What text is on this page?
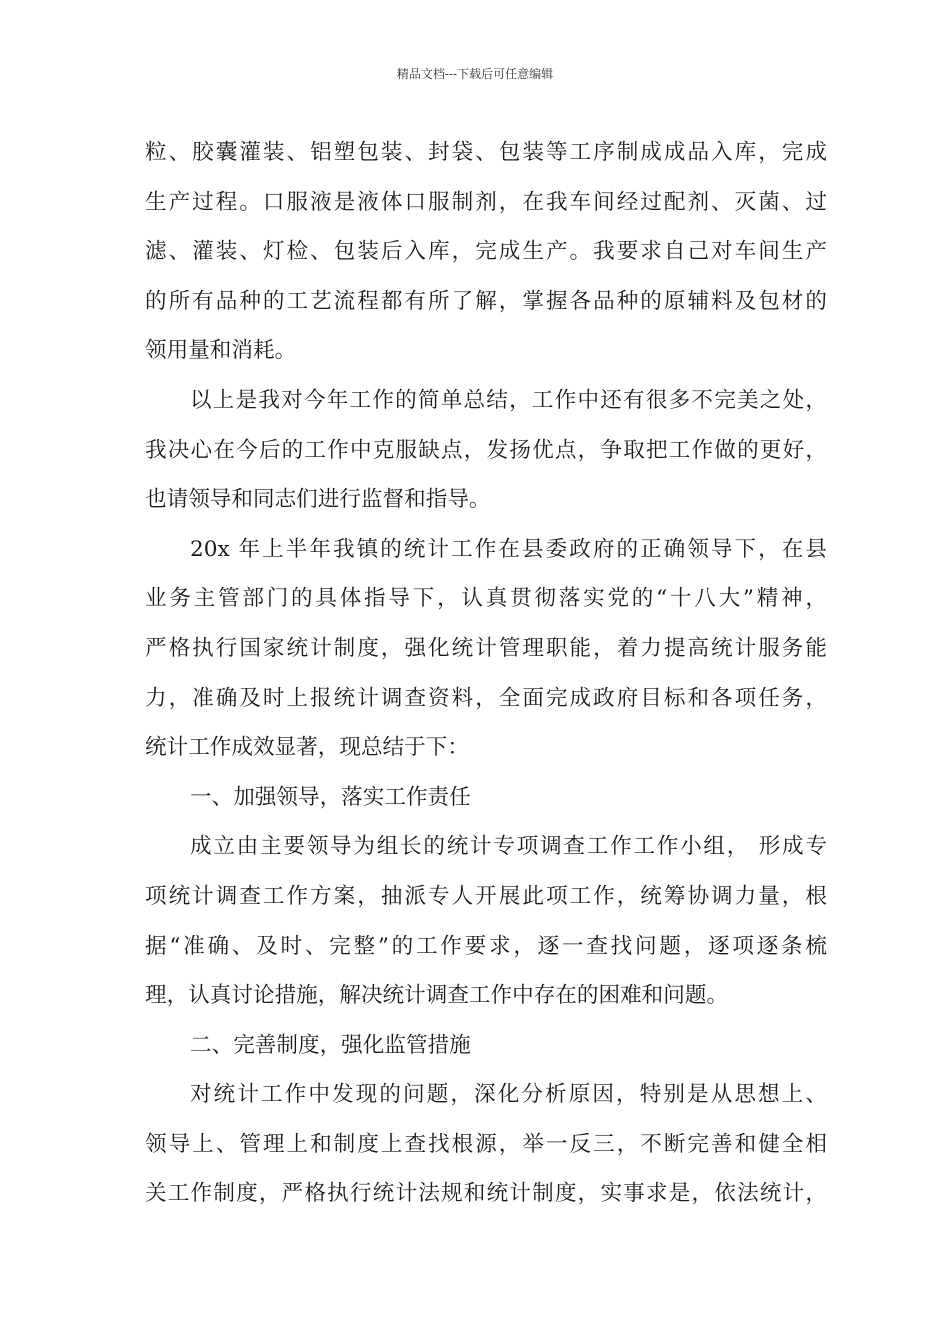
精品文档---下载后可任意编辑
粒、胶囊灌装、铝塑包装、封袋、包装等工序制成成品入库，完成
生产过程。口服液是液体口服制剂，在我车间经过配剂、灭菌、过
滤、灌装、灯检、包装后入库，完成生产。我要求自己对车间生产
的所有品种的工艺流程都有所了解，掌握各品种的原辅料及包材的
领用量和消耗。
以上是我对今年工作的简单总结，工作中还有很多不完美之处，
我决心在今后的工作中克服缺点，发扬优点，争取把工作做的更好，
也请领导和同志们进行监督和指导。
20x 年上半年我镇的统计工作在县委政府的正确领导下，在县
业务主管部门的具体指导下，认真贯彻落实党的“十八大”精神，
严格执行国家统计制度，强化统计管理职能，着力提高统计服务能
力，准确及时上报统计调查资料，全面完成政府目标和各项任务，
统计工作成效显著，现总结于下：
一、加强领导，落实工作责任
成立由主要领导为组长的统计专项调查工作工作小组， 形成专
项统计调查工作方案，抽派专人开展此项工作，统筹协调力量，根
据“准确、及时、完整”的工作要求，逐一查找问题，逐项逐条梳
理，认真讨论措施，解决统计调查工作中存在的困难和问题。
二、完善制度，强化监管措施
对统计工作中发现的问题，深化分析原因，特别是从思想上、
领导上、管理上和制度上查找根源，举一反三，不断完善和健全相
关工作制度，严格执行统计法规和统计制度，实事求是，依法统计，
